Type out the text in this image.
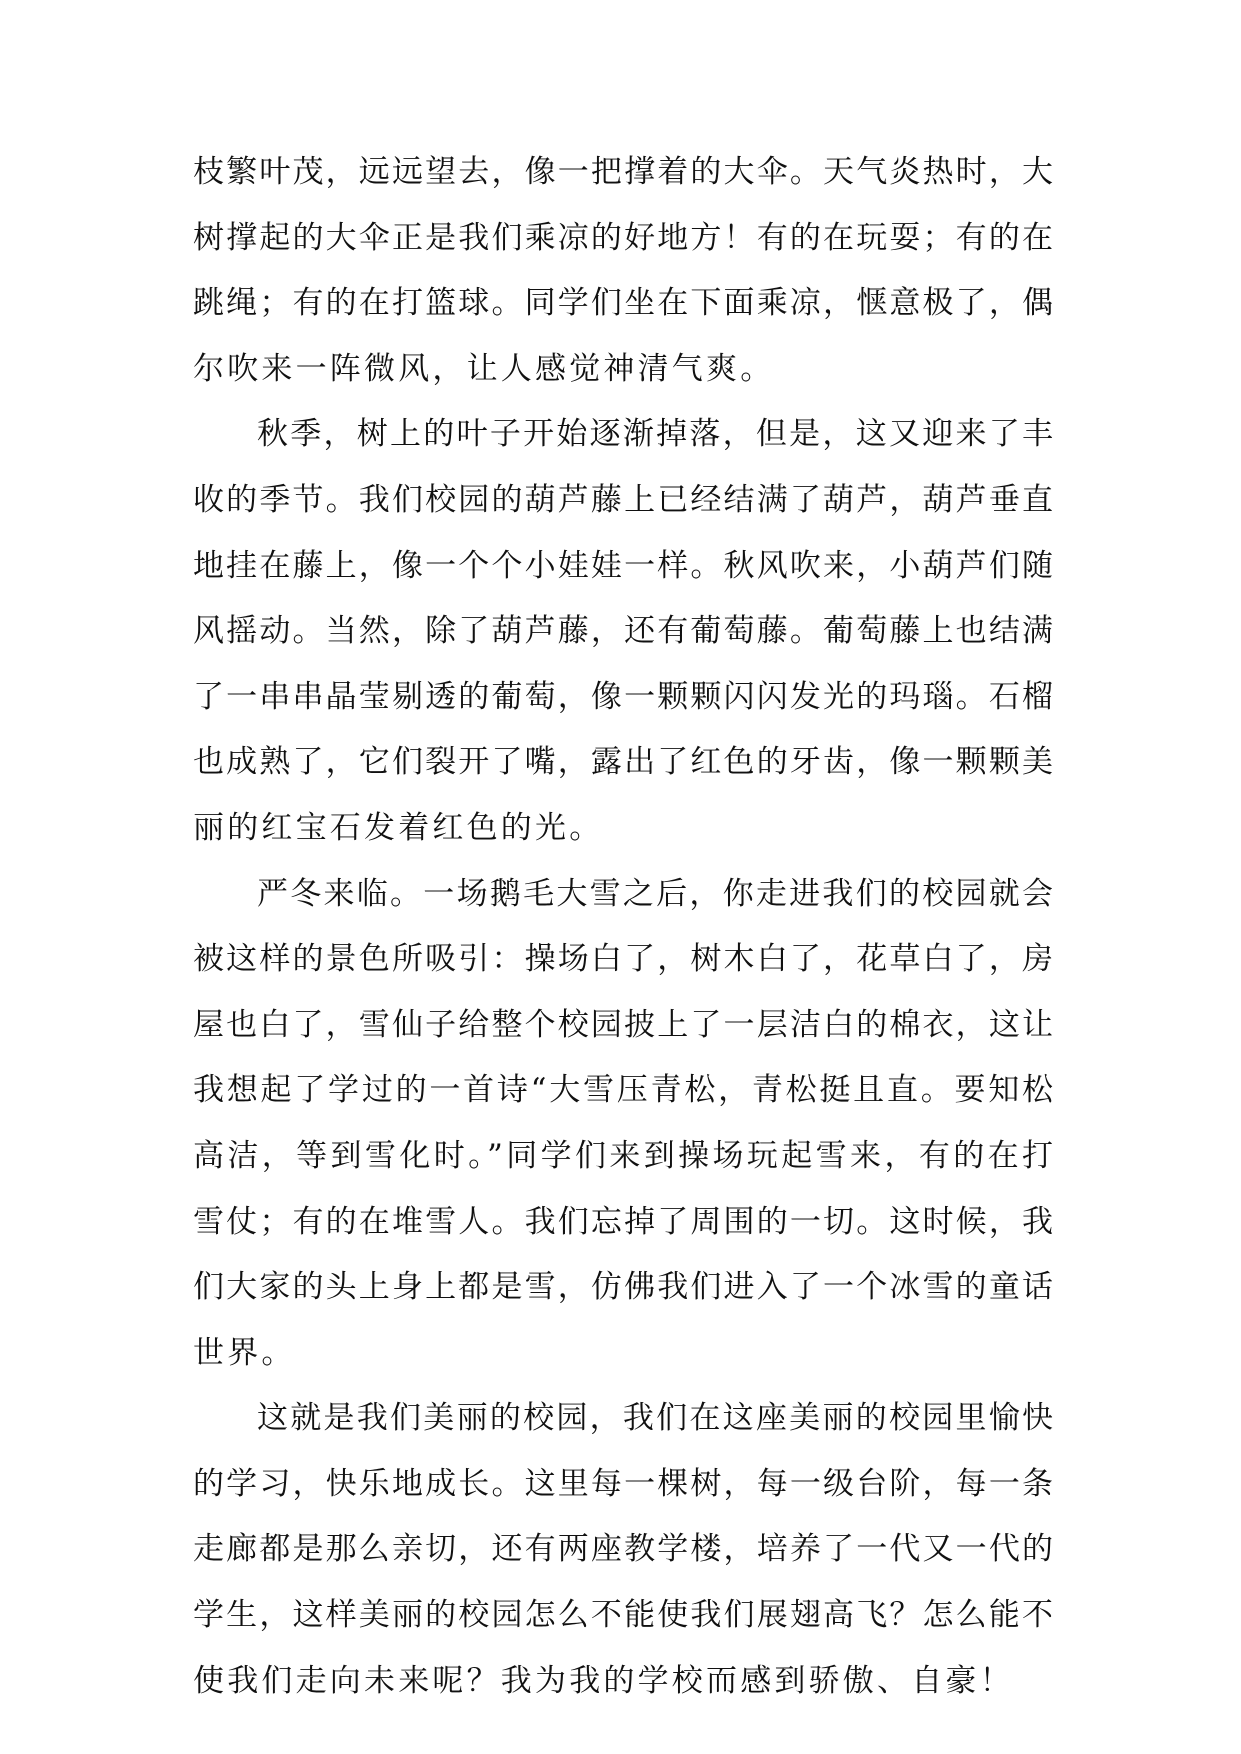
枝繁叶茂，远远望去，像一把撑着的大伞。天气炎热时，大
树撑起的大伞正是我们乘凉的好地方！有的在玩耍；有的在
跳绳；有的在打篮球。同学们坐在下面乘凉，惬意极了，偶
尔吹来一阵微风，让人感觉神清气爽。
秋季，树上的叶子开始逐渐掉落，但是，这又迎来了丰
收的季节。我们校园的葫芦藤上已经结满了葫芦，葫芦垂直
地挂在藤上，像一个个小娃娃一样。秋风吹来，小葫芦们随
风摇动。当然，除了葫芦藤，还有葡萄藤。葡萄藤上也结满
了一串串晶莹剔透的葡萄，像一颗颗闪闪发光的玛瑙。石榴
也成熟了，它们裂开了嘴，露出了红色的牙齿，像一颗颗美
丽的红宝石发着红色的光。
严冬来临。一场鹅毛大雪之后，你走进我们的校园就会
被这样的景色所吸引：操场白了，树木白了，花草白了，房
屋也白了，雪仙子给整个校园披上了一层洁白的棉衣，这让
我想起了学过的一首诗“大雪压青松，青松挺且直。要知松
高洁，等到雪化时。”同学们来到操场玩起雪来，有的在打
雪仗；有的在堆雪人。我们忘掉了周围的一切。这时候，我
们大家的头上身上都是雪，仿佛我们进入了一个冰雪的童话
世界。
这就是我们美丽的校园，我们在这座美丽的校园里愉快
的学习，快乐地成长。这里每一棵树，每一级台阶，每一条
走廊都是那么亲切，还有两座教学楼，培养了一代又一代的
学生，这样美丽的校园怎么不能使我们展翅高飞？怎么能不
使我们走向未来呢？我为我的学校而感到骄傲、自豪！
